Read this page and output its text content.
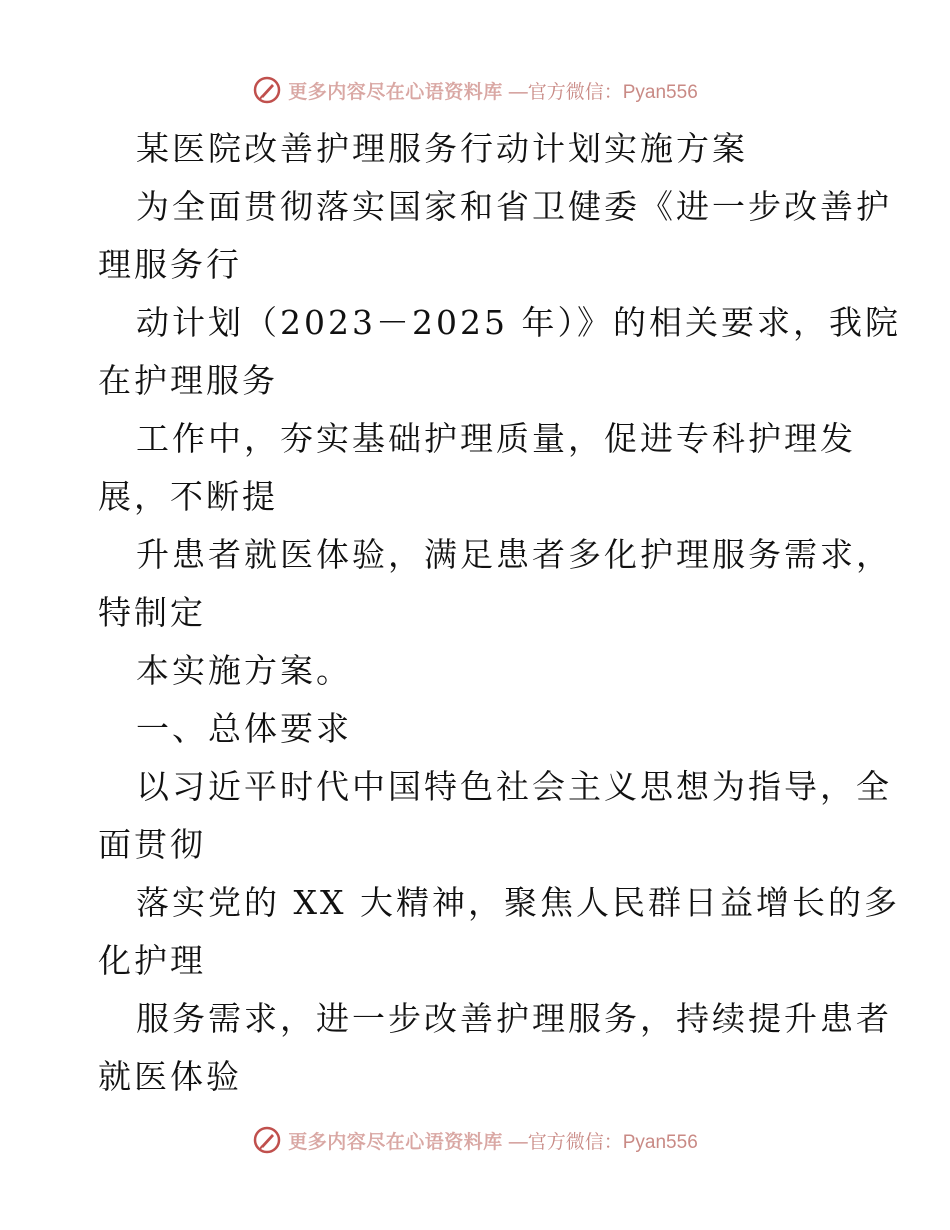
更多内容尽在心语资料库 —官方微信：Pyan556
某医院改善护理服务行动计划实施方案
为全面贯彻落实国家和省卫健委《进一步改善护
理服务行
动计划（2023－2025 年）》的相关要求，我院
在护理服务
工作中，夯实基础护理质量，促进专科护理发
展，不断提
升患者就医体验，满足患者多化护理服务需求，
特制定
本实施方案。
一、总体要求
以习近平时代中国特色社会主义思想为指导，全
面贯彻
落实党的 XX 大精神，聚焦人民群日益增长的多
化护理
服务需求，进一步改善护理服务，持续提升患者
就医体验
更多内容尽在心语资料库 —官方微信：Pyan556
